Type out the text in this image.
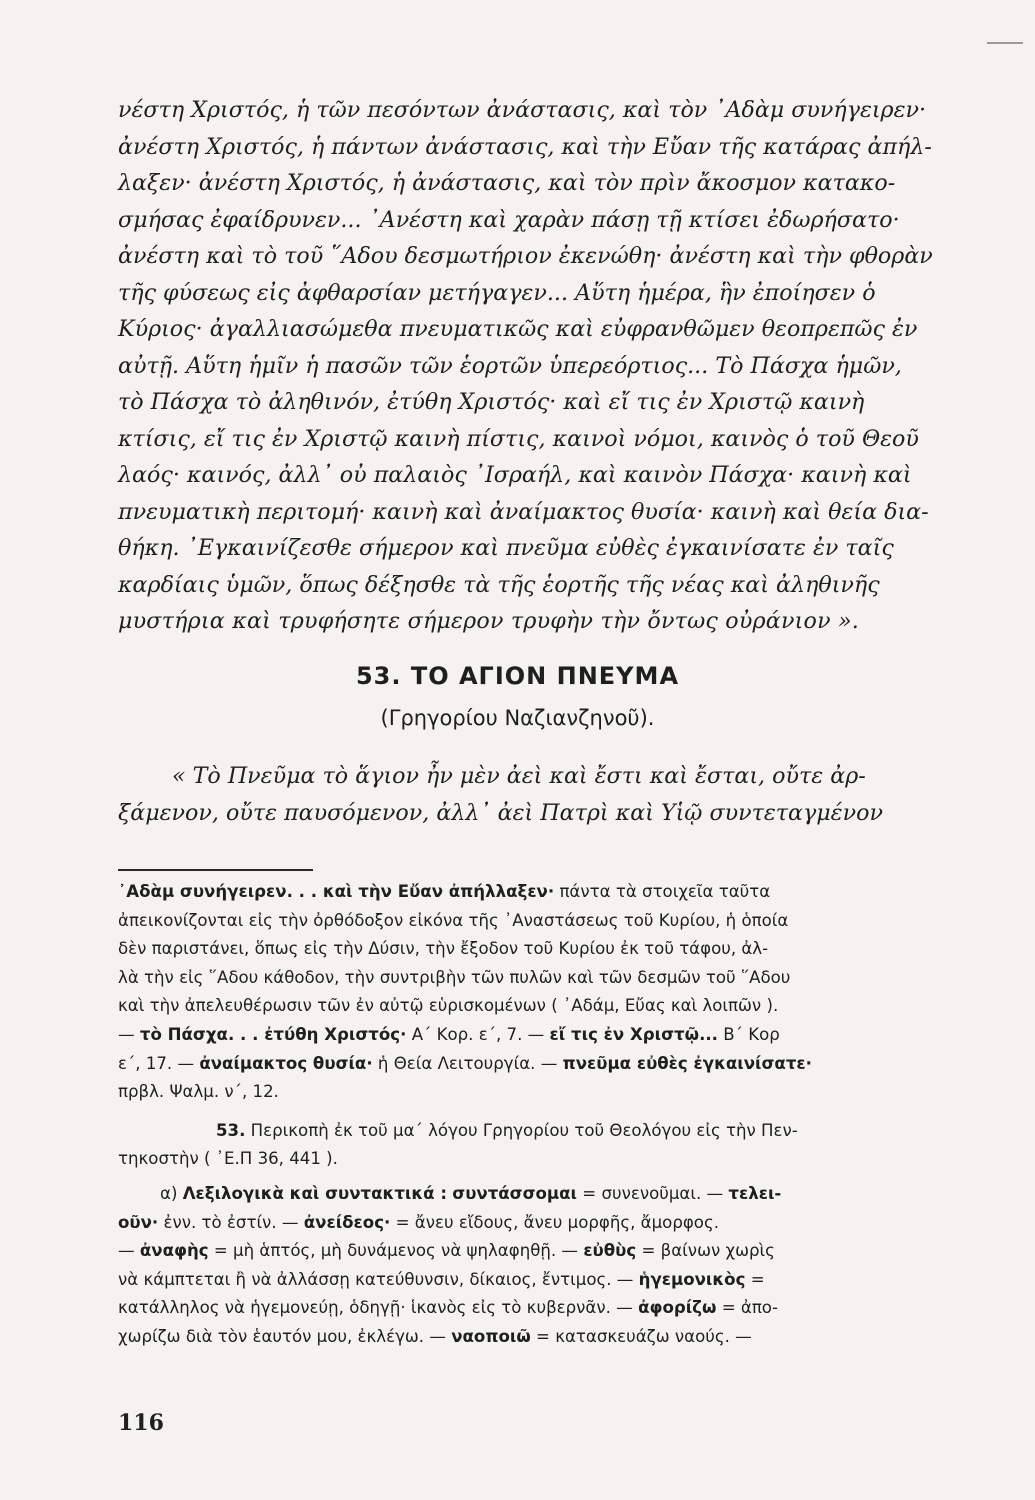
νέστη Χριστός, ἡ τῶν πεσόντων ἀνάστασις, καὶ τὸν ᾿Αδὰμ συνήγειρεν·
ἀνέστη Χριστός, ἡ πάντων ἀνάστασις, καὶ τὴν Εὔαν τῆς κατάρας ἀπήλ-
λαξεν· ἀνέστη Χριστός, ἡ ἀνάστασις, καὶ τὸν πρὶν ἄκοσμον κατακο-
σμήσας ἐφαίδρυνεν... ᾿Ανέστη καὶ χαρὰν πάσῃ τῇ κτίσει ἐδωρήσατο·
ἀνέστη καὶ τὸ τοῦ ῞Αδου δεσμωτήριον ἐκενώθη· ἀνέστη καὶ τὴν φθορὰν
τῆς φύσεως εἰς ἀφθαρσίαν μετήγαγεν... Αὕτη ἡμέρα, ἣν ἐποίησεν ὁ
Κύριος· ἀγαλλιασώμεθα πνευματικῶς καὶ εὐφρανθῶμεν θεοπρεπῶς ἐν
αὐτῇ. Αὕτη ἡμῖν ἡ πασῶν τῶν ἑορτῶν ὑπερεόρτιος... Τὸ Πάσχα ἡμῶν,
τὸ Πάσχα τὸ ἀληθινόν, ἐτύθη Χριστός· καὶ εἴ τις ἐν Χριστῷ καινὴ
κτίσις, εἴ τις ἐν Χριστῷ καινὴ πίστις, καινοὶ νόμοι, καινὸς ὁ τοῦ Θεοῦ
λαός· καινός, ἀλλ᾿ οὐ παλαιὸς ᾿Ισραήλ, καὶ καινὸν Πάσχα· καινὴ καὶ
πνευματικὴ περιτομή· καινὴ καὶ ἀναίμακτος θυσία· καινὴ καὶ θεία δια-
θήκη. ᾿Εγκαινίζεσθε σήμερον καὶ πνεῦμα εὐθὲς ἐγκαινίσατε ἐν ταῖς
καρδίαις ὑμῶν, ὅπως δέξησθε τὰ τῆς ἑορτῆς τῆς νέας καὶ ἀληθινῆς
μυστήρια καὶ τρυφήσητε σήμερον τρυφὴν τὴν ὄντως οὐράνιον ».
53. ΤΟ ΑΓΙΟΝ ΠΝΕΥΜΑ

(Γρηγορίου Ναζιανζηνοῦ).

« Τὸ Πνεῦμα τὸ ἅγιον ἦν μὲν ἀεὶ καὶ ἔστι καὶ ἔσται, οὔτε ἀρ-
ξάμενον, οὔτε παυσόμενον, ἀλλ᾿ ἀεὶ Πατρὶ καὶ Υἱῷ συντεταγμένον
᾿Αδὰμ συνήγειρεν. . . καὶ τὴν Εὔαν ἀπήλλαξεν· πάντα τὰ στοιχεῖα ταῦτα
ἀπεικονίζονται εἰς τὴν ὀρθόδοξον εἰκόνα τῆς ᾿Αναστάσεως τοῦ Κυρίου, ἡ ὁποία
δὲν παριστάνει, ὅπως εἰς τὴν Δύσιν, τὴν ἔξοδον τοῦ Κυρίου ἐκ τοῦ τάφου, ἀλ-
λὰ τὴν εἰς ῞Αδου κάθοδον, τὴν συντριβὴν τῶν πυλῶν καὶ τῶν δεσμῶν τοῦ ῞Αδου
καὶ τὴν ἀπελευθέρωσιν τῶν ἐν αὐτῷ εὑρισκομένων ( ᾿Αδάμ, Εὔας καὶ λοιπῶν ).
— τὸ Πάσχα. . . ἐτύθη Χριστός· Α΄ Κορ. ε΄, 7. — εἴ τις ἐν Χριστῷ... Β΄ Κορ
ε΄, 17. — ἀναίμακτος θυσία· ἡ Θεία Λειτουργία. — πνεῦμα εὐθὲς ἐγκαινίσατε·
πρβλ. Ψαλμ. ν΄, 12.
53. Περικοπὴ ἐκ τοῦ μα΄ λόγου Γρηγορίου τοῦ Θεολόγου εἰς τὴν Πεν-
τηκοστὴν ( ᾿Ε.Π 36, 441 ).
α) Λεξιλογικὰ καὶ συντακτικά : συντάσσομαι = συνενοῦμαι. — τελει-
οῦν· ἐνν. τὸ ἐστίν. — ἀνείδεος· = ἄνευ εἴδους, ἄνευ μορφῆς, ἄμορφος.
— ἀναφὴς = μὴ ἁπτός, μὴ δυνάμενος νὰ ψηλαφηθῇ. — εὐθὺς = βαίνων χωρὶς
νὰ κάμπτεται ἢ νὰ ἀλλάσσῃ κατεύθυνσιν, δίκαιος, ἔντιμος. — ἡγεμονικὸς =
κατάλληλος νὰ ἡγεμονεύῃ, ὁδηγῇ· ἱκανὸς εἰς τὸ κυβερνᾶν. — ἀφορίζω = ἀπο-
χωρίζω διὰ τὸν ἑαυτόν μου, ἐκλέγω. — ναοποιῶ = κατασκευάζω ναούς. —

116
